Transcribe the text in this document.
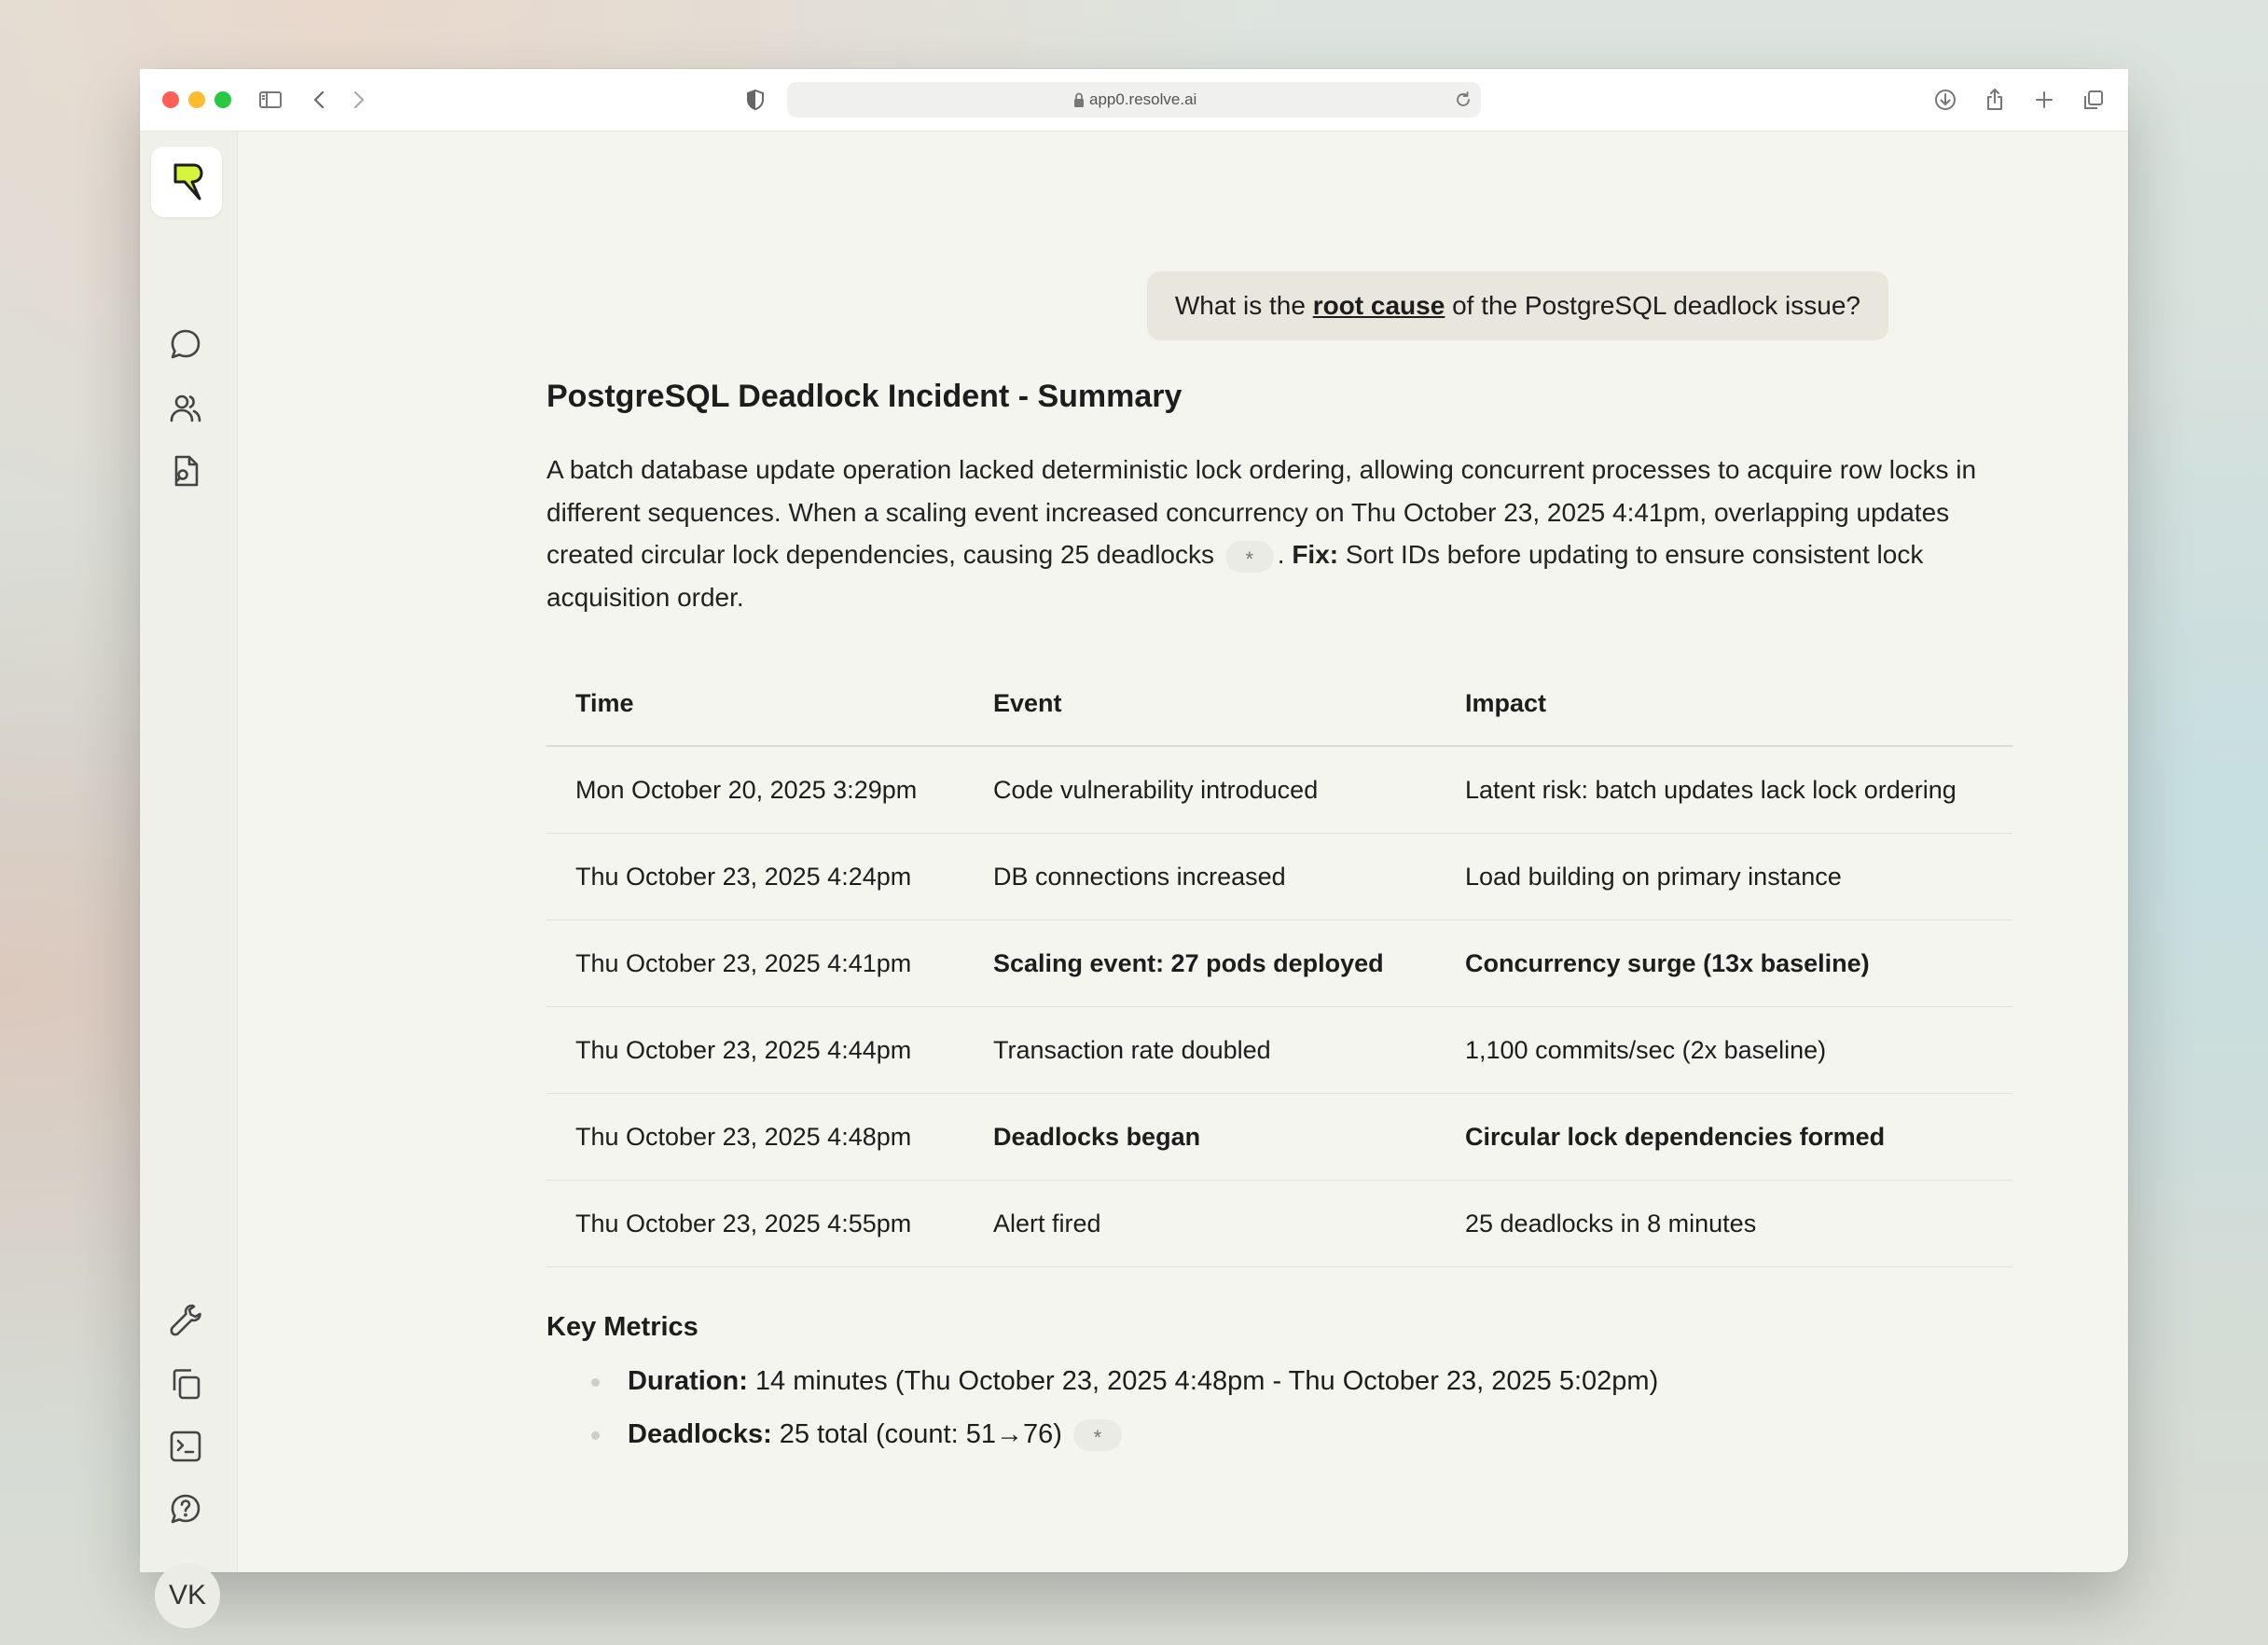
app0.resolve.ai
VK
What is the root cause of the PostgreSQL deadlock issue?
PostgreSQL Deadlock Incident - Summary

A batch database update operation lacked deterministic lock ordering, allowing concurrent processes to acquire row locks in different sequences. When a scaling event increased concurrency on Thu October 23, 2025 4:41pm, overlapping updates created circular lock dependencies, causing 25 deadlocks * . Fix: Sort IDs before updating to ensure consistent lock acquisition order.

Time	Event	Impact
Mon October 20, 2025 3:29pm	Code vulnerability introduced	Latent risk: batch updates lack lock ordering
Thu October 23, 2025 4:24pm	DB connections increased	Load building on primary instance
Thu October 23, 2025 4:41pm	Scaling event: 27 pods deployed	Concurrency surge (13x baseline)
Thu October 23, 2025 4:44pm	Transaction rate doubled	1,100 commits/sec (2x baseline)
Thu October 23, 2025 4:48pm	Deadlocks began	Circular lock dependencies formed
Thu October 23, 2025 4:55pm	Alert fired	25 deadlocks in 8 minutes
Key Metrics
Duration: 14 minutes (Thu October 23, 2025 4:48pm - Thu October 23, 2025 5:02pm)
Deadlocks: 25 total (count: 51→76) *
